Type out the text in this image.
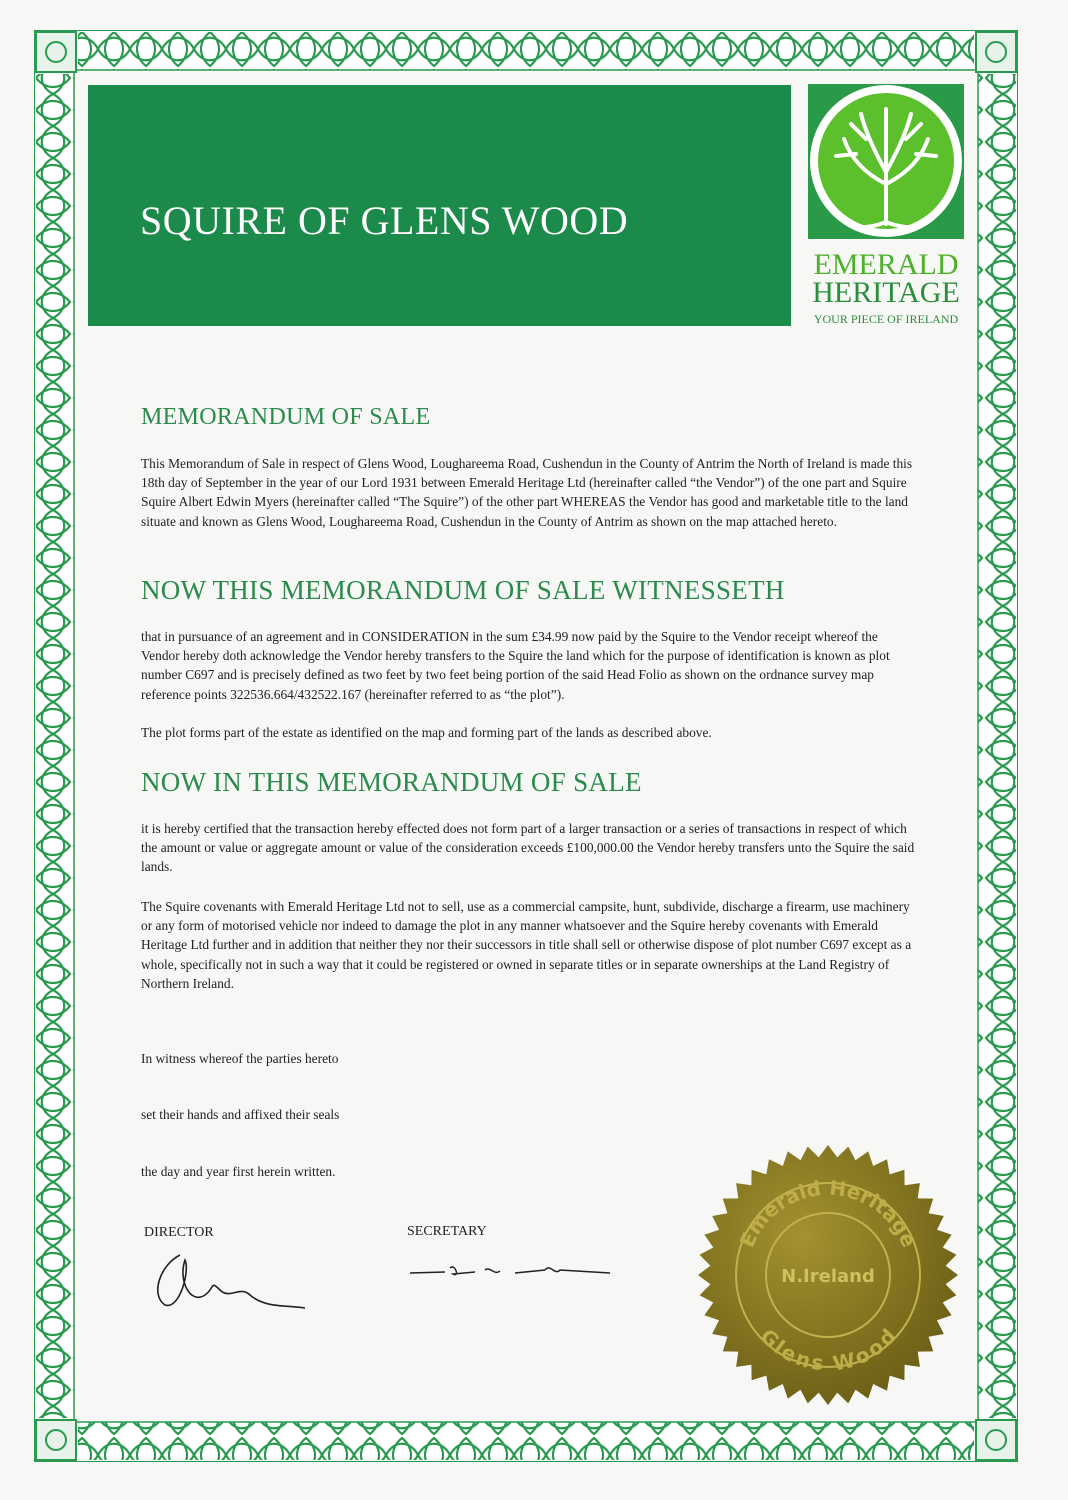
SQUIRE OF GLENS WOOD
EMERALD
HERITAGE
YOUR PIECE OF IRELAND
MEMORANDUM OF SALE
This Memorandum of Sale in respect of Glens Wood, Loughareema Road, Cushendun in the County of Antrim the North of Ireland is made this 18th day of September in the year of our Lord 1931 between Emerald Heritage Ltd (hereinafter called “the Vendor”) of the one part and Squire Squire Albert Edwin Myers (hereinafter called “The Squire”) of the other part WHEREAS the Vendor has good and marketable title to the land situate and known as Glens Wood, Loughareema Road, Cushendun in the County of Antrim as shown on the map attached hereto.
NOW THIS MEMORANDUM OF SALE WITNESSETH
that in pursuance of an agreement and in CONSIDERATION in the sum £34.99 now paid by the Squire to the Vendor receipt whereof the Vendor hereby doth acknowledge the Vendor hereby transfers to the Squire the land which for the purpose of identification is known as plot number C697 and is precisely defined as two feet by two feet being portion of the said Head Folio as shown on the ordnance survey map reference points 322536.664/432522.167 (hereinafter referred to as “the plot”).
The plot forms part of the estate as identified on the map and forming part of the lands as described above.
NOW IN THIS MEMORANDUM OF SALE
it is hereby certified that the transaction hereby effected does not form part of a larger transaction or a series of transactions in respect of which the amount or value or aggregate amount or value of the consideration exceeds £100,000.00 the Vendor hereby transfers unto the Squire the said lands.
The Squire covenants with Emerald Heritage Ltd not to sell, use as a commercial campsite, hunt, subdivide, discharge a firearm, use machinery or any form of motorised vehicle nor indeed to damage the plot in any manner whatsoever and the Squire hereby covenants with Emerald Heritage Ltd further and in addition that neither they nor their successors in title shall sell or otherwise dispose of plot number C697 except as a whole, specifically not in such a way that it could be registered or owned in separate titles or in separate ownerships at the Land Registry of Northern Ireland.
In witness whereof the parties hereto
set their hands and affixed their seals
the day and year first herein written.
DIRECTOR	SECRETARY	Emerald Heritage
N.Ireland
Glens Wood
